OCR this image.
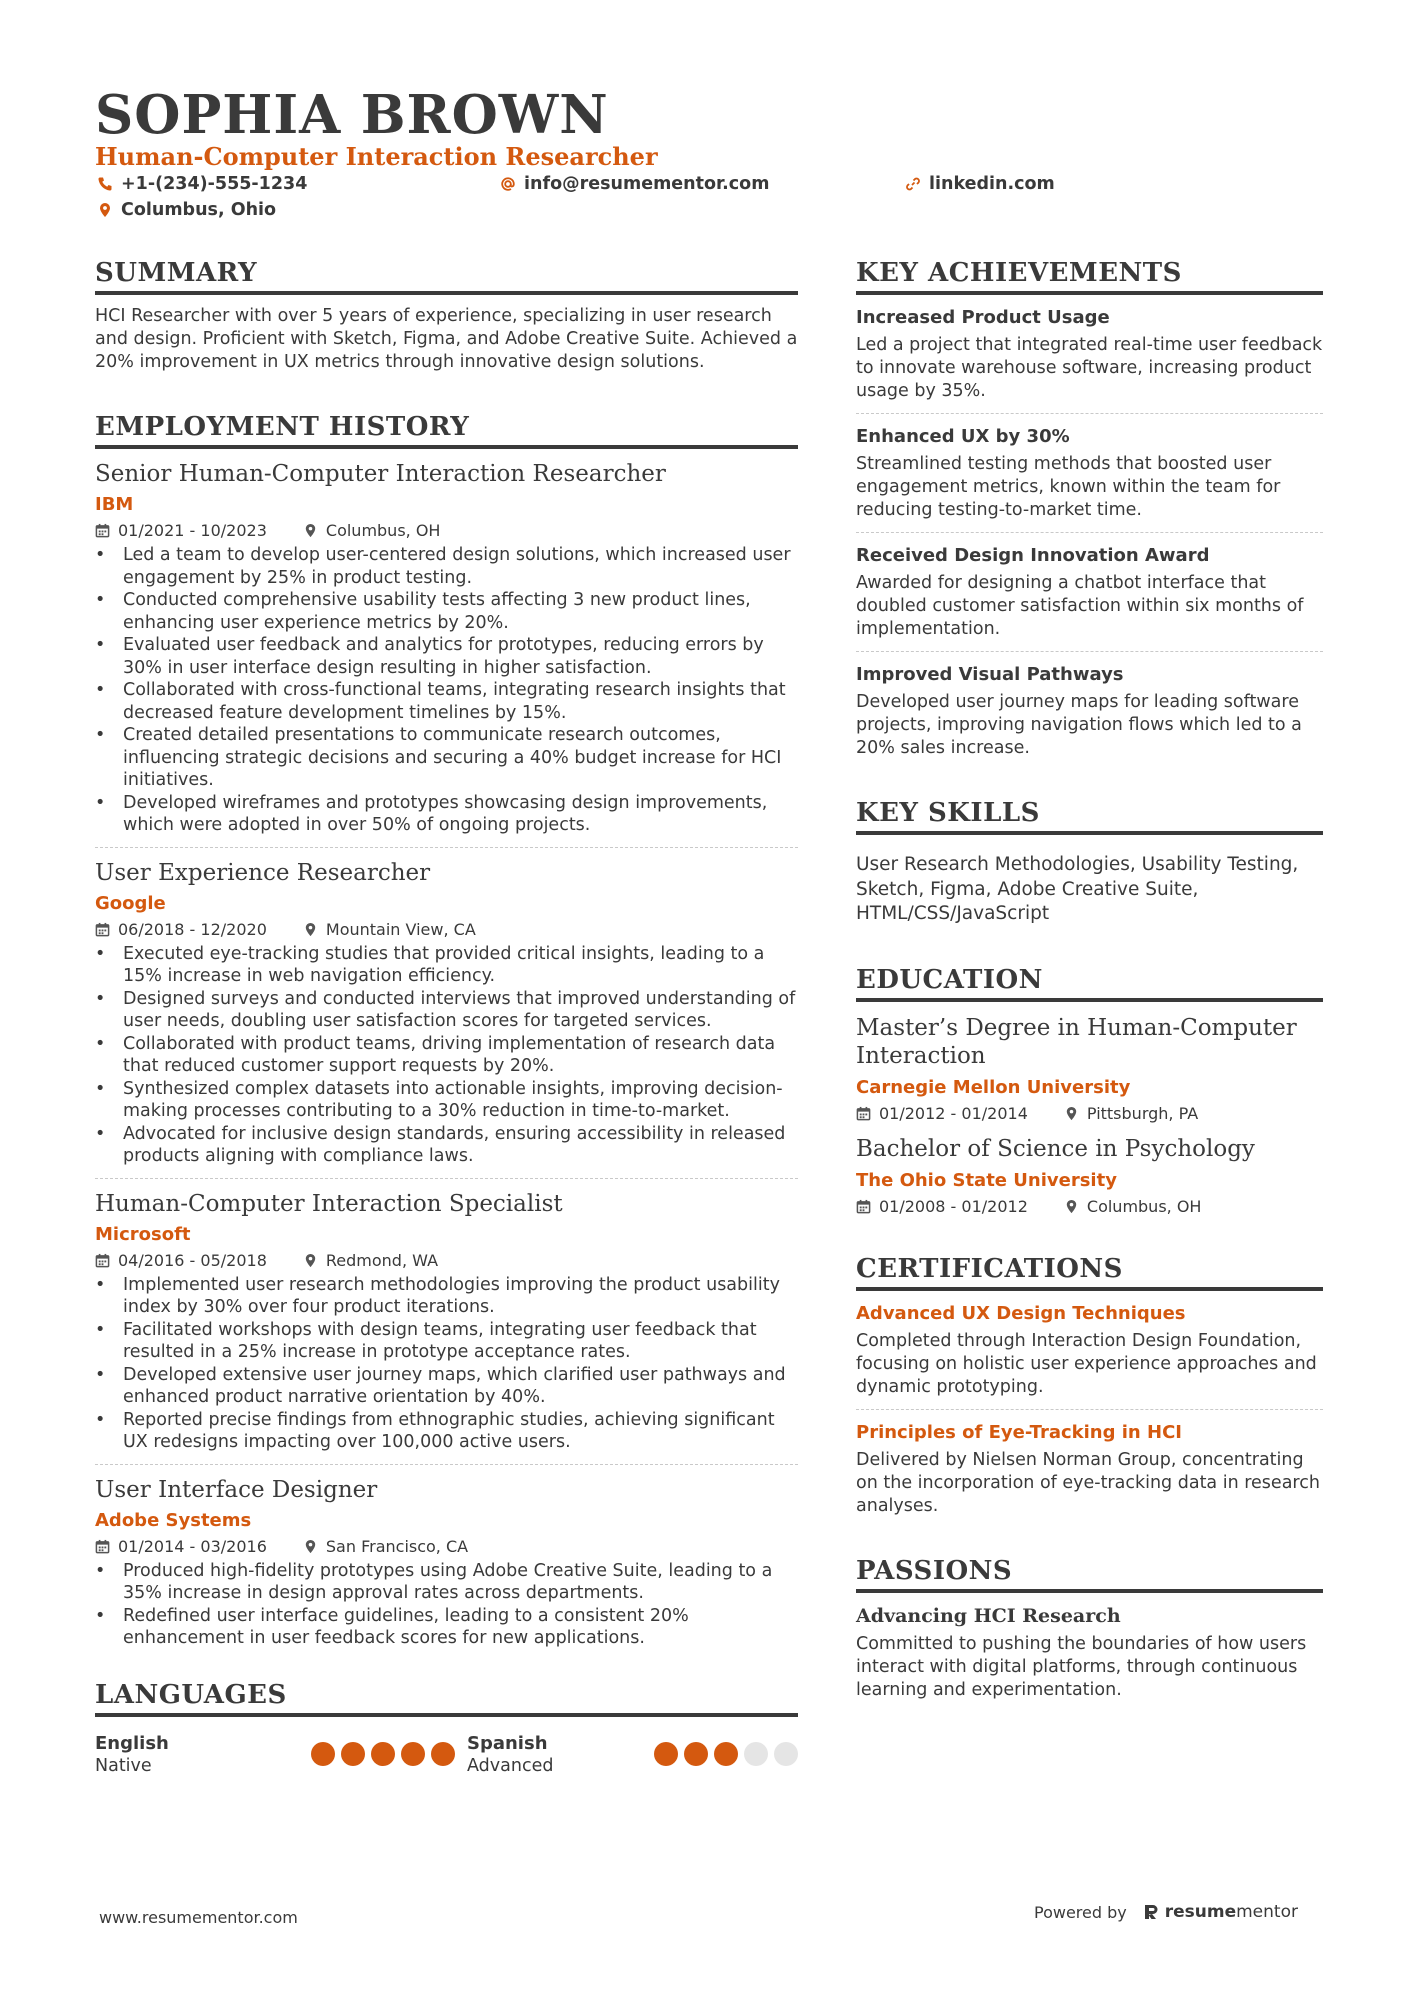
SOPHIA BROWN
Human-Computer Interaction Researcher
+1-(234)-555-1234	info@resumementor.com	linkedin.com
Columbus, Ohio
SUMMARY
HCI Researcher with over 5 years of experience, specializing in user research and design. Proficient with Sketch, Figma, and Adobe Creative Suite. Achieved a 20% improvement in UX metrics through innovative design solutions.
EMPLOYMENT HISTORY
Senior Human-Computer Interaction Researcher
IBM
01/2021 - 10/2023	Columbus, OH
• Led a team to develop user-centered design solutions, which increased user engagement by 25% in product testing.
• Conducted comprehensive usability tests affecting 3 new product lines, enhancing user experience metrics by 20%.
• Evaluated user feedback and analytics for prototypes, reducing errors by 30% in user interface design resulting in higher satisfaction.
• Collaborated with cross-functional teams, integrating research insights that decreased feature development timelines by 15%.
• Created detailed presentations to communicate research outcomes, influencing strategic decisions and securing a 40% budget increase for HCI initiatives.
• Developed wireframes and prototypes showcasing design improvements, which were adopted in over 50% of ongoing projects.
User Experience Researcher
Google
06/2018 - 12/2020	Mountain View, CA
• Executed eye-tracking studies that provided critical insights, leading to a 15% increase in web navigation efficiency.
• Designed surveys and conducted interviews that improved understanding of user needs, doubling user satisfaction scores for targeted services.
• Collaborated with product teams, driving implementation of research data that reduced customer support requests by 20%.
• Synthesized complex datasets into actionable insights, improving decision-making processes contributing to a 30% reduction in time-to-market.
• Advocated for inclusive design standards, ensuring accessibility in released products aligning with compliance laws.
Human-Computer Interaction Specialist
Microsoft
04/2016 - 05/2018	Redmond, WA
• Implemented user research methodologies improving the product usability index by 30% over four product iterations.
• Facilitated workshops with design teams, integrating user feedback that resulted in a 25% increase in prototype acceptance rates.
• Developed extensive user journey maps, which clarified user pathways and enhanced product narrative orientation by 40%.
• Reported precise findings from ethnographic studies, achieving significant UX redesigns impacting over 100,000 active users.
User Interface Designer
Adobe Systems
01/2014 - 03/2016	San Francisco, CA
• Produced high-fidelity prototypes using Adobe Creative Suite, leading to a 35% increase in design approval rates across departments.
• Redefined user interface guidelines, leading to a consistent 20% enhancement in user feedback scores for new applications.
LANGUAGES
English
Native
Spanish
Advanced
KEY ACHIEVEMENTS
Increased Product Usage
Led a project that integrated real-time user feedback to innovate warehouse software, increasing product usage by 35%.
Enhanced UX by 30%
Streamlined testing methods that boosted user engagement metrics, known within the team for reducing testing-to-market time.
Received Design Innovation Award
Awarded for designing a chatbot interface that doubled customer satisfaction within six months of implementation.
Improved Visual Pathways
Developed user journey maps for leading software projects, improving navigation flows which led to a 20% sales increase.
KEY SKILLS
User Research Methodologies, Usability Testing, Sketch, Figma, Adobe Creative Suite, HTML/CSS/JavaScript
EDUCATION
Master’s Degree in Human-Computer Interaction
Carnegie Mellon University
01/2012 - 01/2014	Pittsburgh, PA
Bachelor of Science in Psychology
The Ohio State University
01/2008 - 01/2012	Columbus, OH
CERTIFICATIONS
Advanced UX Design Techniques
Completed through Interaction Design Foundation, focusing on holistic user experience approaches and dynamic prototyping.
Principles of Eye-Tracking in HCI
Delivered by Nielsen Norman Group, concentrating on the incorporation of eye-tracking data in research analyses.
PASSIONS
Advancing HCI Research
Committed to pushing the boundaries of how users interact with digital platforms, through continuous learning and experimentation.
www.resumementor.com	Powered by resumementor
